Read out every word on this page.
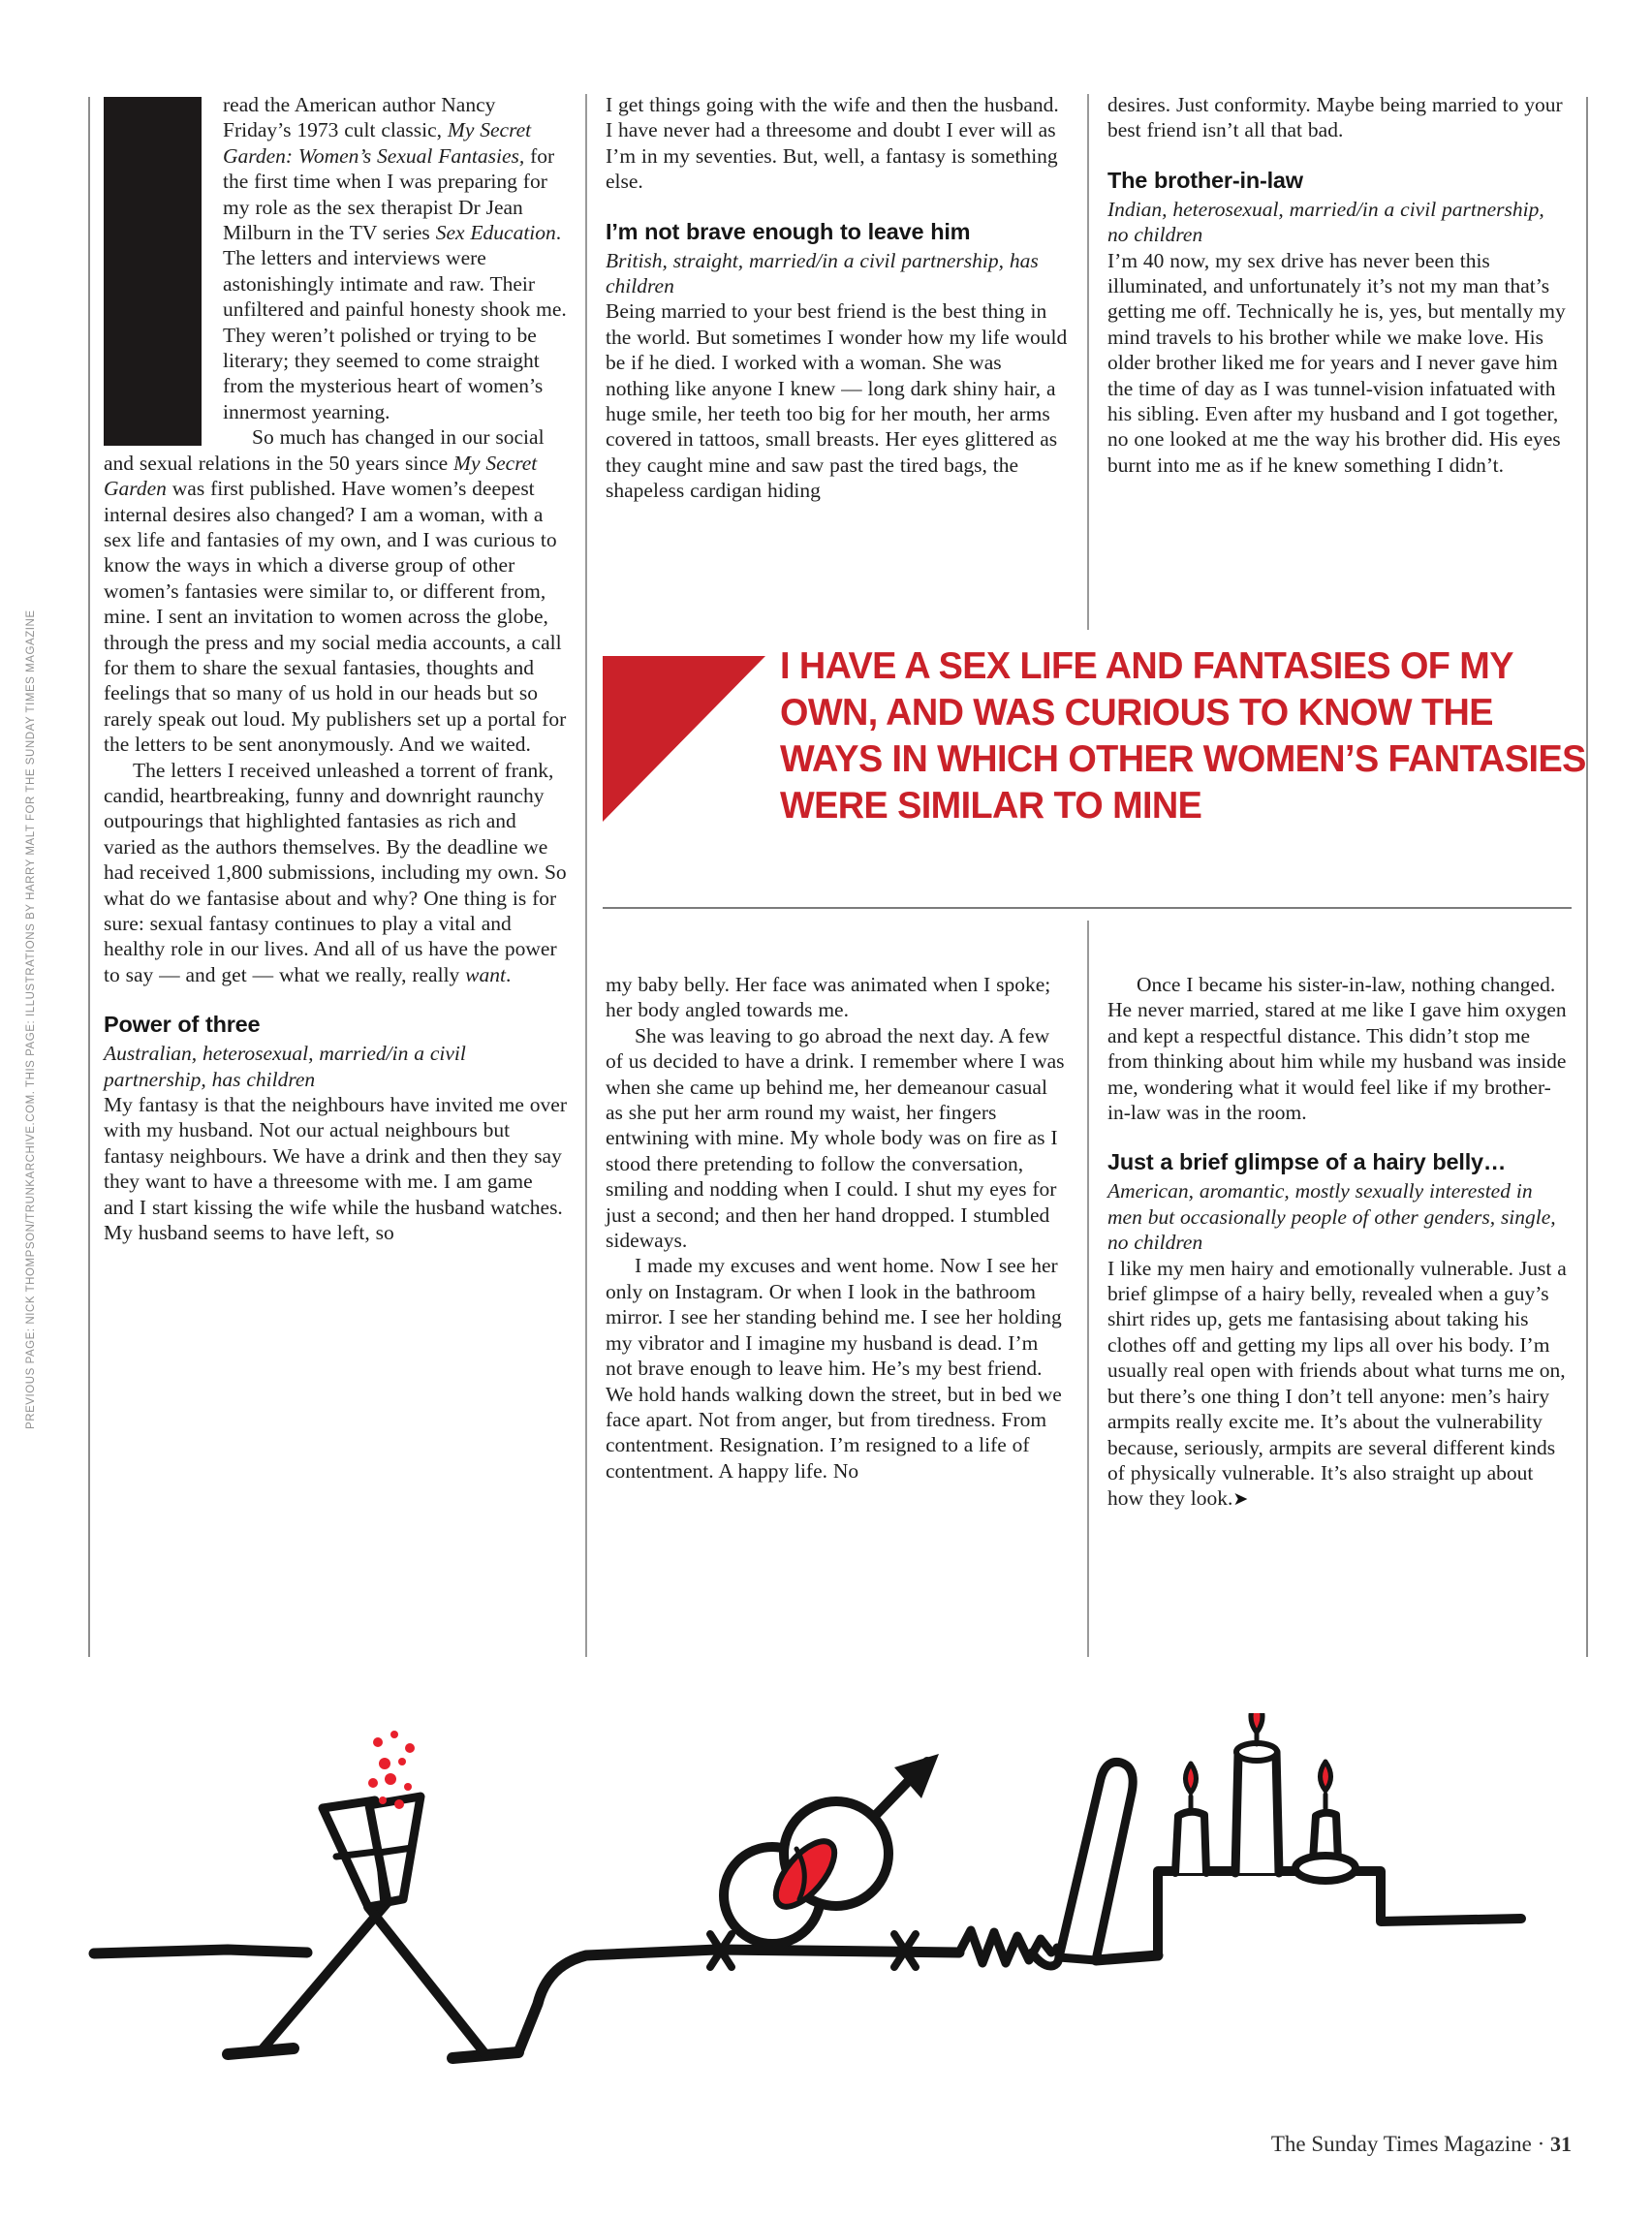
PREVIOUS PAGE: NICK THOMPSON/TRUNKARCHIVE.COM. THIS PAGE: ILLUSTRATIONS BY HARRY MALT FOR THE SUNDAY TIMES MAGAZINE

read the American author Nancy Friday’s 1973 cult classic, My Secret Garden: Women’s Sexual Fantasies, for the first time when I was preparing for my role as the sex therapist Dr Jean Milburn in the TV series Sex Education. The letters and interviews were astonishingly intimate and raw. Their unfiltered and painful honesty shook me. They weren’t polished or trying to be literary; they seemed to come straight from the mysterious heart of women’s innermost yearning.

So much has changed in our social and sexual relations in the 50 years since My Secret Garden was first published. Have women’s deepest internal desires also changed? I am a woman, with a sex life and fantasies of my own, and I was curious to know the ways in which a diverse group of other women’s fantasies were similar to, or different from, mine. I sent an invitation to women across the globe, through the press and my social media accounts, a call for them to share the sexual fantasies, thoughts and feelings that so many of us hold in our heads but so rarely speak out loud. My publishers set up a portal for the letters to be sent anonymously. And we waited.

The letters I received unleashed a torrent of frank, candid, heartbreaking, funny and downright raunchy outpourings that highlighted fantasies as rich and varied as the authors themselves. By the deadline we had received 1,800 submissions, including my own. So what do we fantasise about and why? One thing is for sure: sexual fantasy continues to play a vital and healthy role in our lives. And all of us have the power to say — and get — what we really, really want.

Power of three

Australian, heterosexual, married/in a civil partnership, has children

My fantasy is that the neighbours have invited me over with my husband. Not our actual neighbours but fantasy neighbours. We have a drink and then they say they want to have a threesome with me. I am game and I start kissing the wife while the husband watches. My husband seems to have left, so

I get things going with the wife and then the husband. I have never had a threesome and doubt I ever will as I’m in my seventies. But, well, a fantasy is something else.

I’m not brave enough to leave him

British, straight, married/in a civil partnership, has children

Being married to your best friend is the best thing in the world. But sometimes I wonder how my life would be if he died. I worked with a woman. She was nothing like anyone I knew — long dark shiny hair, a huge smile, her teeth too big for her mouth, her arms covered in tattoos, small breasts. Her eyes glittered as they caught mine and saw past the tired bags, the shapeless cardigan hiding

desires. Just conformity. Maybe being married to your best friend isn’t all that bad.

The brother-in-law

Indian, heterosexual, married/in a civil partnership, no children

I’m 40 now, my sex drive has never been this illuminated, and unfortunately it’s not my man that’s getting me off. Technically he is, yes, but mentally my mind travels to his brother while we make love. His older brother liked me for years and I never gave him the time of day as I was tunnel-vision infatuated with his sibling. Even after my husband and I got together, no one looked at me the way his brother did. His eyes burnt into me as if he knew something I didn’t.

I HAVE A SEX LIFE AND FANTASIES OF MY
OWN, AND WAS CURIOUS TO KNOW THE
WAYS IN WHICH OTHER WOMEN’S FANTASIES
WERE SIMILAR TO MINE

my baby belly. Her face was animated when I spoke; her body angled towards me.

She was leaving to go abroad the next day. A few of us decided to have a drink. I remember where I was when she came up behind me, her demeanour casual as she put her arm round my waist, her fingers entwining with mine. My whole body was on fire as I stood there pretending to follow the conversation, smiling and nodding when I could. I shut my eyes for just a second; and then her hand dropped. I stumbled sideways.

I made my excuses and went home. Now I see her only on Instagram. Or when I look in the bathroom mirror. I see her standing behind me. I see her holding my vibrator and I imagine my husband is dead. I’m not brave enough to leave him. He’s my best friend. We hold hands walking down the street, but in bed we face apart. Not from anger, but from tiredness. From contentment. Resignation. I’m resigned to a life of contentment. A happy life. No

Once I became his sister-in-law, nothing changed. He never married, stared at me like I gave him oxygen and kept a respectful distance. This didn’t stop me from thinking about him while my husband was inside me, wondering what it would feel like if my brother-in-law was in the room.

Just a brief glimpse of a hairy belly…

American, aromantic, mostly sexually interested in men but occasionally people of other genders, single, no children

I like my men hairy and emotionally vulnerable. Just a brief glimpse of a hairy belly, revealed when a guy’s shirt rides up, gets me fantasising about taking his clothes off and getting my lips all over his body. I’m usually real open with friends about what turns me on, but there’s one thing I don’t tell anyone: men’s hairy armpits really excite me. It’s about the vulnerability because, seriously, armpits are several different kinds of physically vulnerable. It’s also straight up about how they look.➤

The Sunday Times Magazine · 31
